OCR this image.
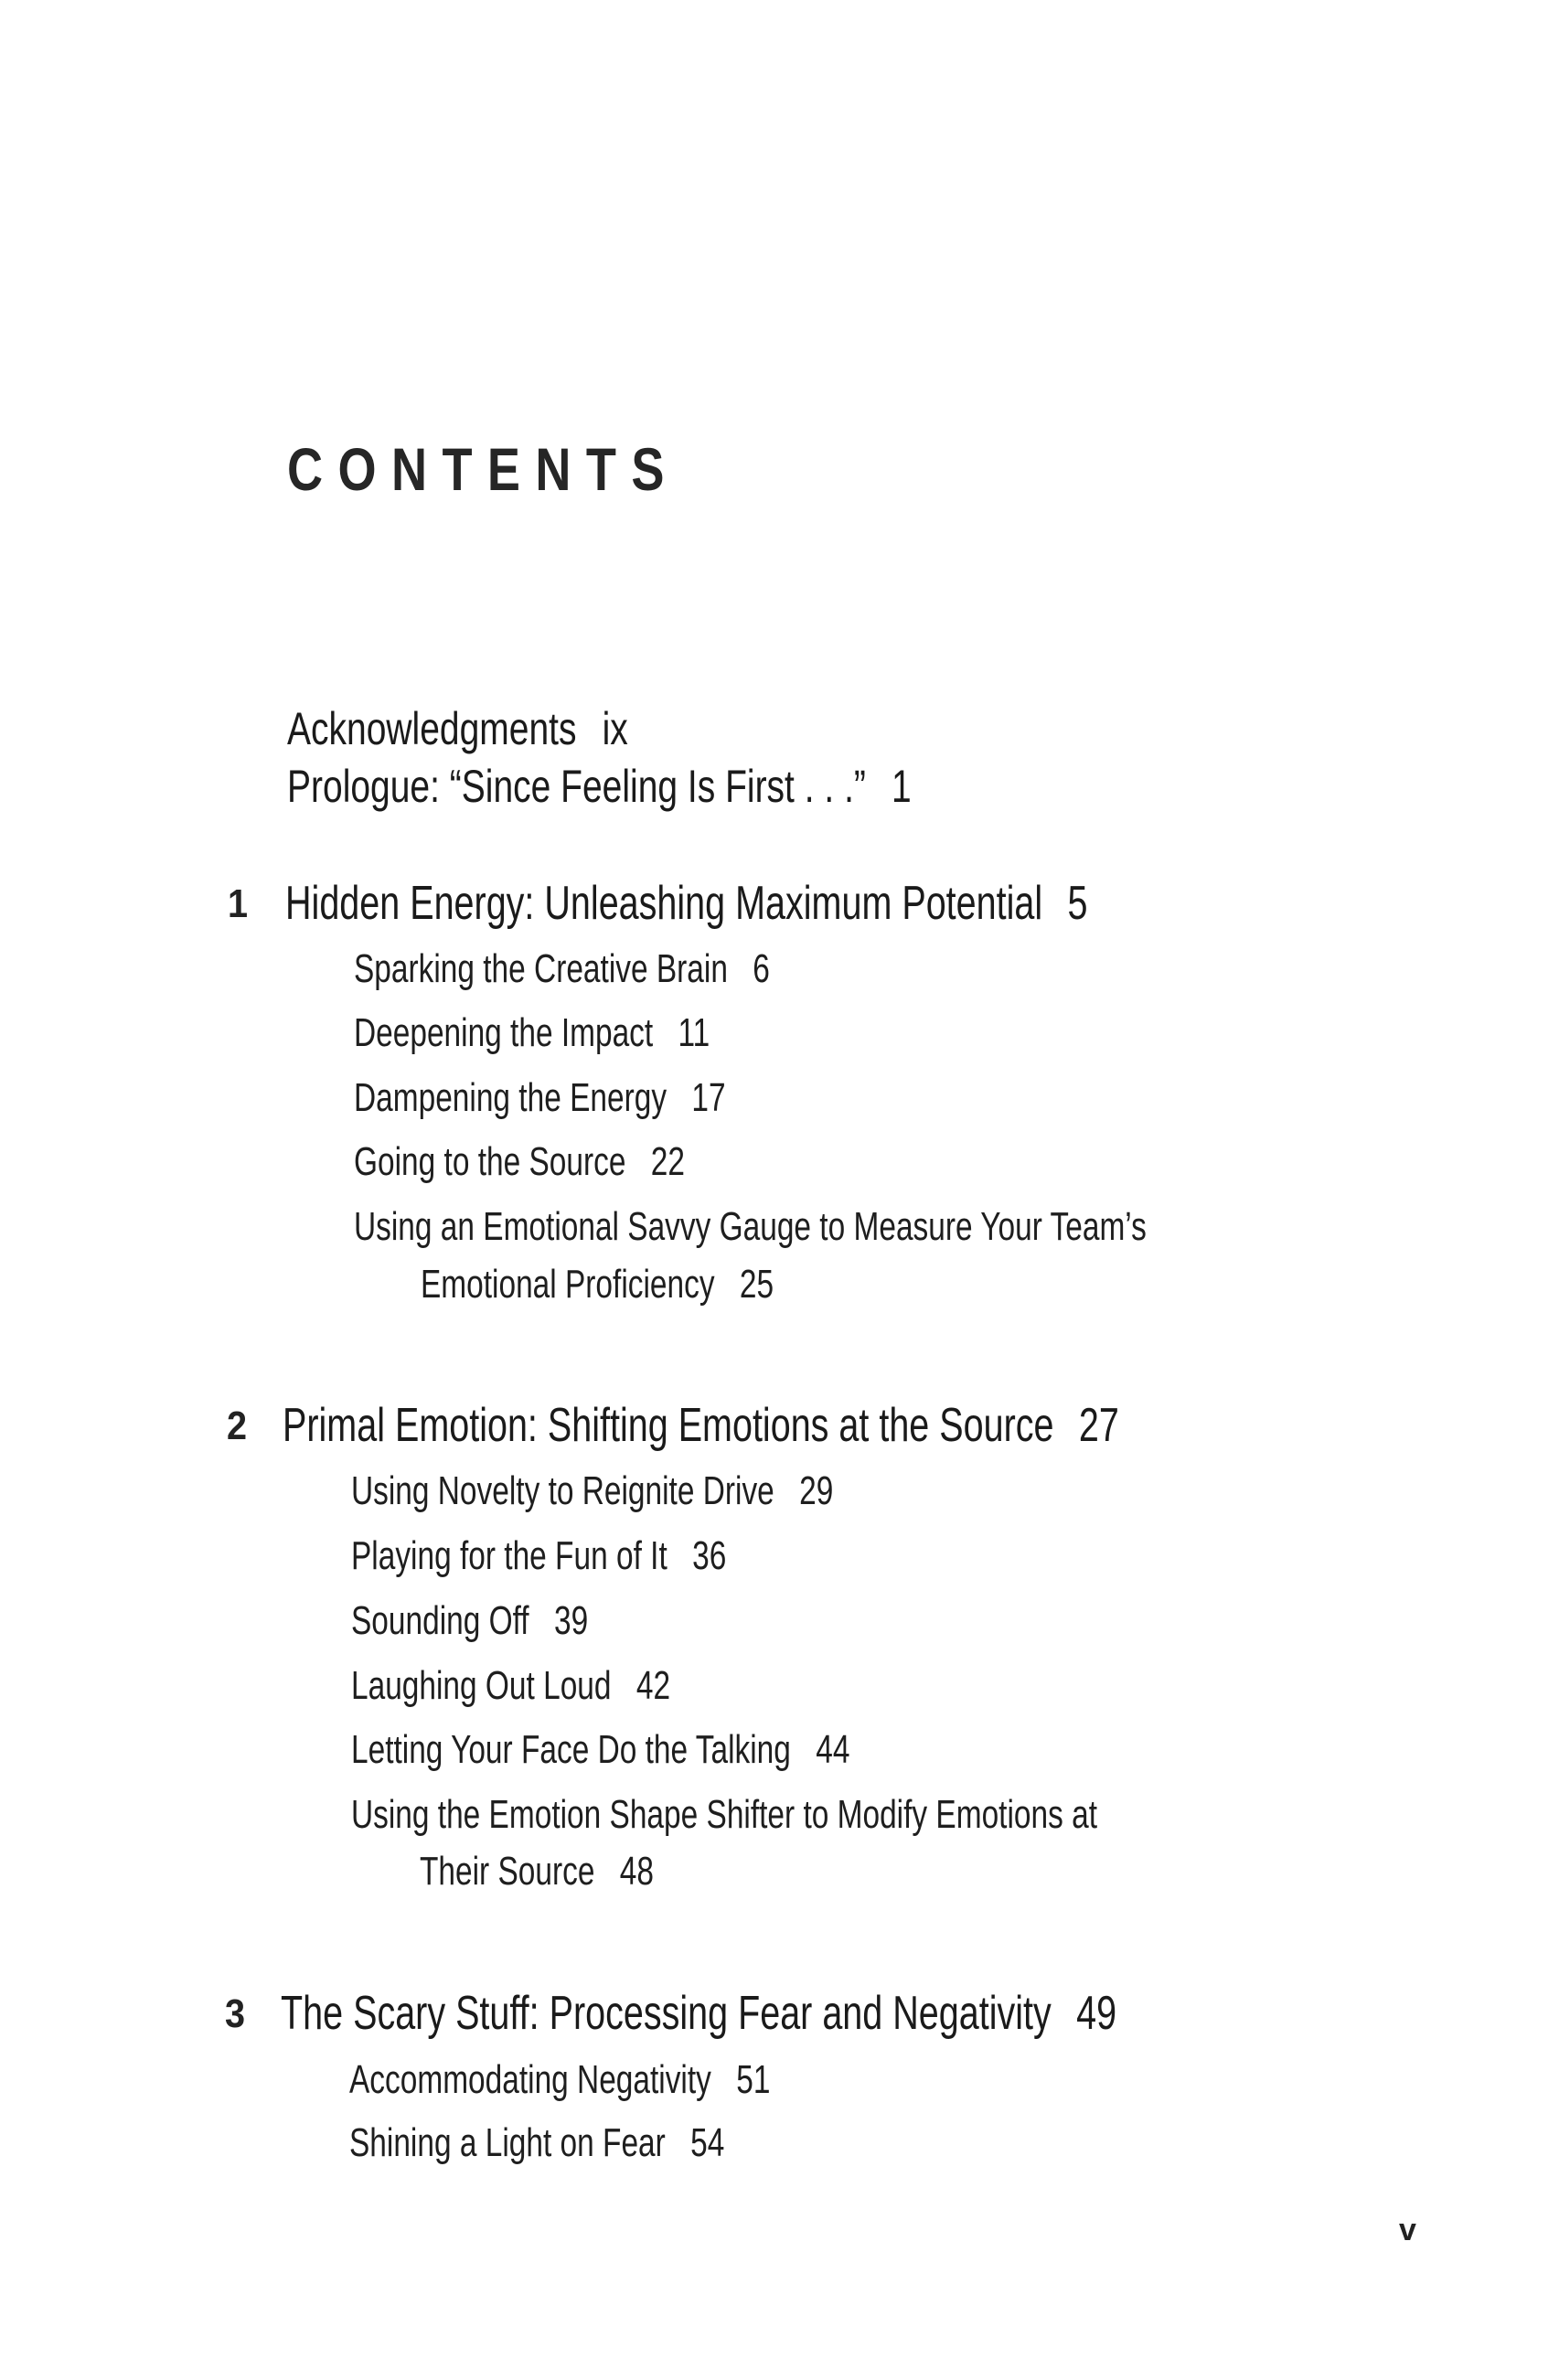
CONTENTS
Acknowledgments ix
Prologue: “Since Feeling Is First . . .” 1
1 Hidden Energy: Unleashing Maximum Potential 5
Sparking the Creative Brain 6
Deepening the Impact 11
Dampening the Energy 17
Going to the Source 22
Using an Emotional Savvy Gauge to Measure Your Team’s
Emotional Proficiency 25
2 Primal Emotion: Shifting Emotions at the Source 27
Using Novelty to Reignite Drive 29
Playing for the Fun of It 36
Sounding Off 39
Laughing Out Loud 42
Letting Your Face Do the Talking 44
Using the Emotion Shape Shifter to Modify Emotions at
Their Source 48
3 The Scary Stuff: Processing Fear and Negativity 49
Accommodating Negativity 51
Shining a Light on Fear 54
v
